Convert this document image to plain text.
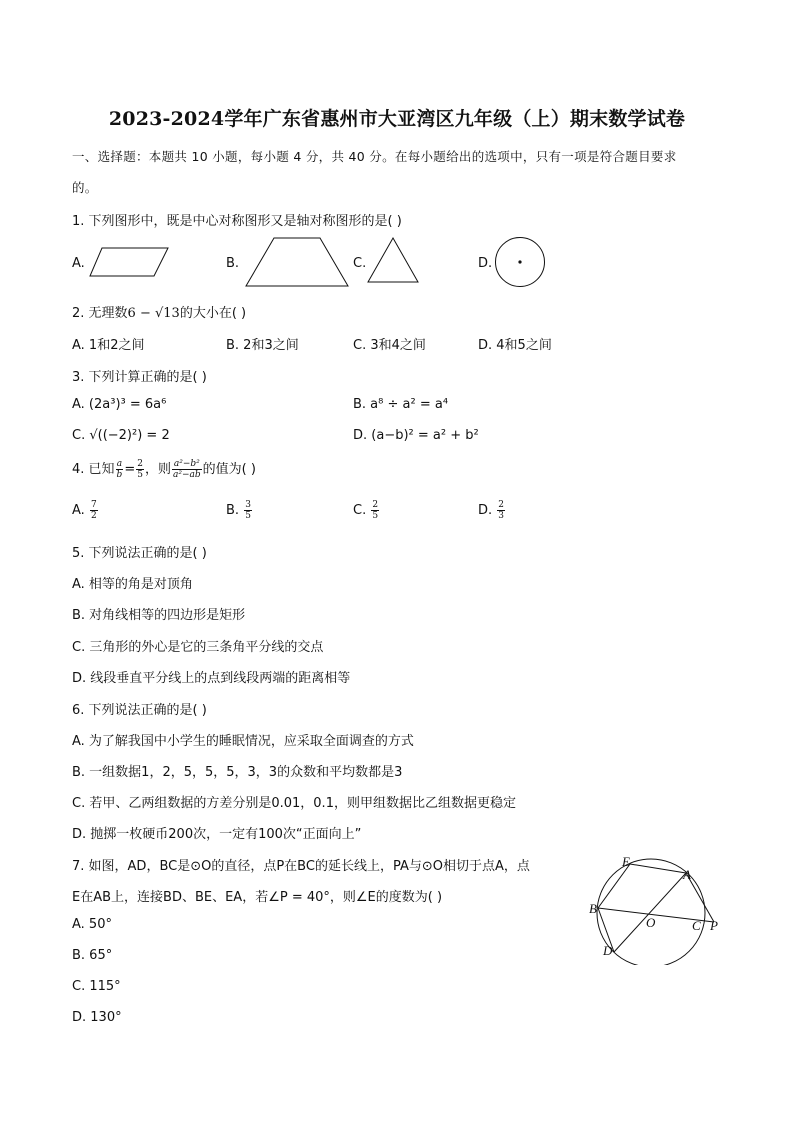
2023-2024学年广东省惠州市大亚湾区九年级（上）期末数学试卷
一、选择题：本题共 10 小题，每小题 4 分，共 40 分。在每小题给出的选项中，只有一项是符合题目要求
的。
1. 下列图形中，既是中心对称图形又是轴对称图形的是( )
A.	B.	C.	D.
2. 无理数6 − √13的大小在( )
A. 1和2之间	B. 2和3之间	C. 3和4之间	D. 4和5之间
3. 下列计算正确的是( )
A. (2a³)³ = 6a⁶	B. a⁸ ÷ a² = a⁴
C. √((−2)²) = 2	D. (a−b)² = a² + b²
4. 已知 $\frac{a}{b} = \frac{2}{5}$ ，则 $\frac{\text{a²−b²}}{\text{a²−ab}}$ 的值为( )
A. $\frac{7}{2}$	B. $\frac{3}{5}$	C. $\frac{2}{5}$	D. $\frac{2}{3}$
5. 下列说法正确的是( )
A. 相等的角是对顶角
B. 对角线相等的四边形是矩形
C. 三角形的外心是它的三条角平分线的交点
D. 线段垂直平分线上的点到线段两端的距离相等
6. 下列说法正确的是( )
A. 为了解我国中小学生的睡眠情况，应采取全面调查的方式
B. 一组数据1，2，5，5，5，3，3的众数和平均数都是3
C. 若甲、乙两组数据的方差分别是0.01，0.1，则甲组数据比乙组数据更稳定
D. 抛掷一枚硬币200次，一定有100次“正面向上”
7. 如图，AD，BC是⊙O的直径，点P在BC的延长线上，PA与⊙O相切于点A，点
E在AB上，连接BD、BE、EA，若∠P = 40°，则∠E的度数为( )
A. 50°
B. 65°
C. 115°
D. 130°
E
A
B
O	C P
D
